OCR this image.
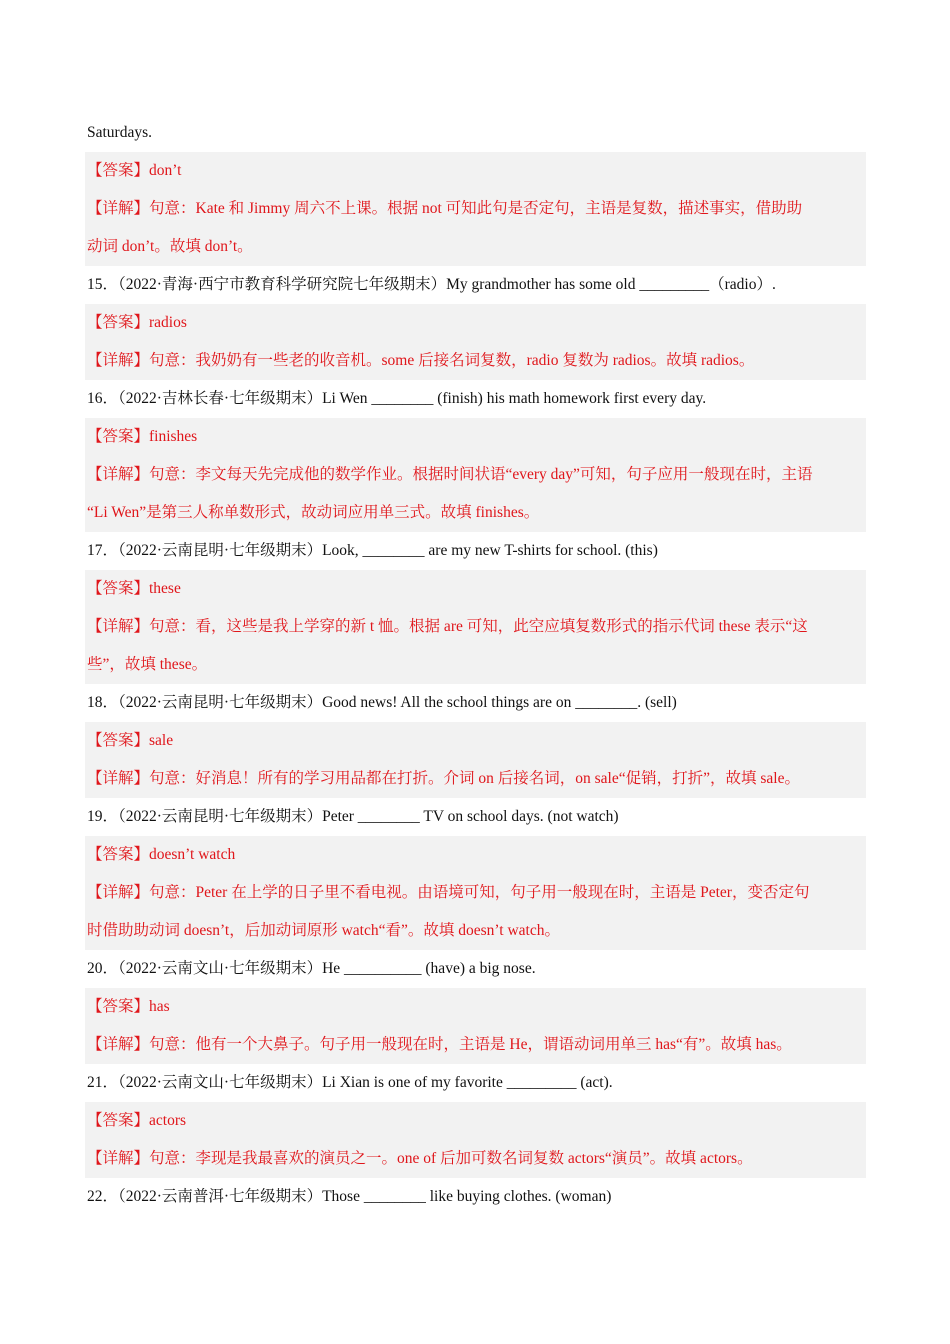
Saturdays.
【答案】don’t
【详解】句意：Kate 和 Jimmy 周六不上课。根据 not 可知此句是否定句，主语是复数，描述事实，借助助
动词 don’t。故填 don’t。
15．（2022·青海·西宁市教育科学研究院七年级期末）My grandmother has some old _________（radio）.
【答案】radios
【详解】句意：我奶奶有一些老的收音机。some 后接名词复数，radio 复数为 radios。故填 radios。
16．（2022·吉林长春·七年级期末）Li Wen ________ (finish) his math homework first every day.
【答案】finishes
【详解】句意：李文每天先完成他的数学作业。根据时间状语“every day”可知，句子应用一般现在时，主语
“Li Wen”是第三人称单数形式，故动词应用单三式。故填 finishes。
17．（2022·云南昆明·七年级期末）Look, ________ are my new T-shirts for school. (this)
【答案】these
【详解】句意：看，这些是我上学穿的新 t 恤。根据 are 可知，此空应填复数形式的指示代词 these 表示“这
些”，故填 these。
18．（2022·云南昆明·七年级期末）Good news! All the school things are on ________. (sell)
【答案】sale
【详解】句意：好消息！所有的学习用品都在打折。介词 on 后接名词，on sale“促销，打折”，故填 sale。
19．（2022·云南昆明·七年级期末）Peter ________ TV on school days. (not watch)
【答案】doesn’t watch
【详解】句意：Peter 在上学的日子里不看电视。由语境可知，句子用一般现在时，主语是 Peter，变否定句
时借助助动词 doesn’t，后加动词原形 watch“看”。故填 doesn’t watch。
20．（2022·云南文山·七年级期末）He __________ (have) a big nose.
【答案】has
【详解】句意：他有一个大鼻子。句子用一般现在时，主语是 He，谓语动词用单三 has“有”。故填 has。
21．（2022·云南文山·七年级期末）Li Xian is one of my favorite _________ (act).
【答案】actors
【详解】句意：李现是我最喜欢的演员之一。one of 后加可数名词复数 actors“演员”。故填 actors。
22．（2022·云南普洱·七年级期末）Those ________ like buying clothes. (woman)
